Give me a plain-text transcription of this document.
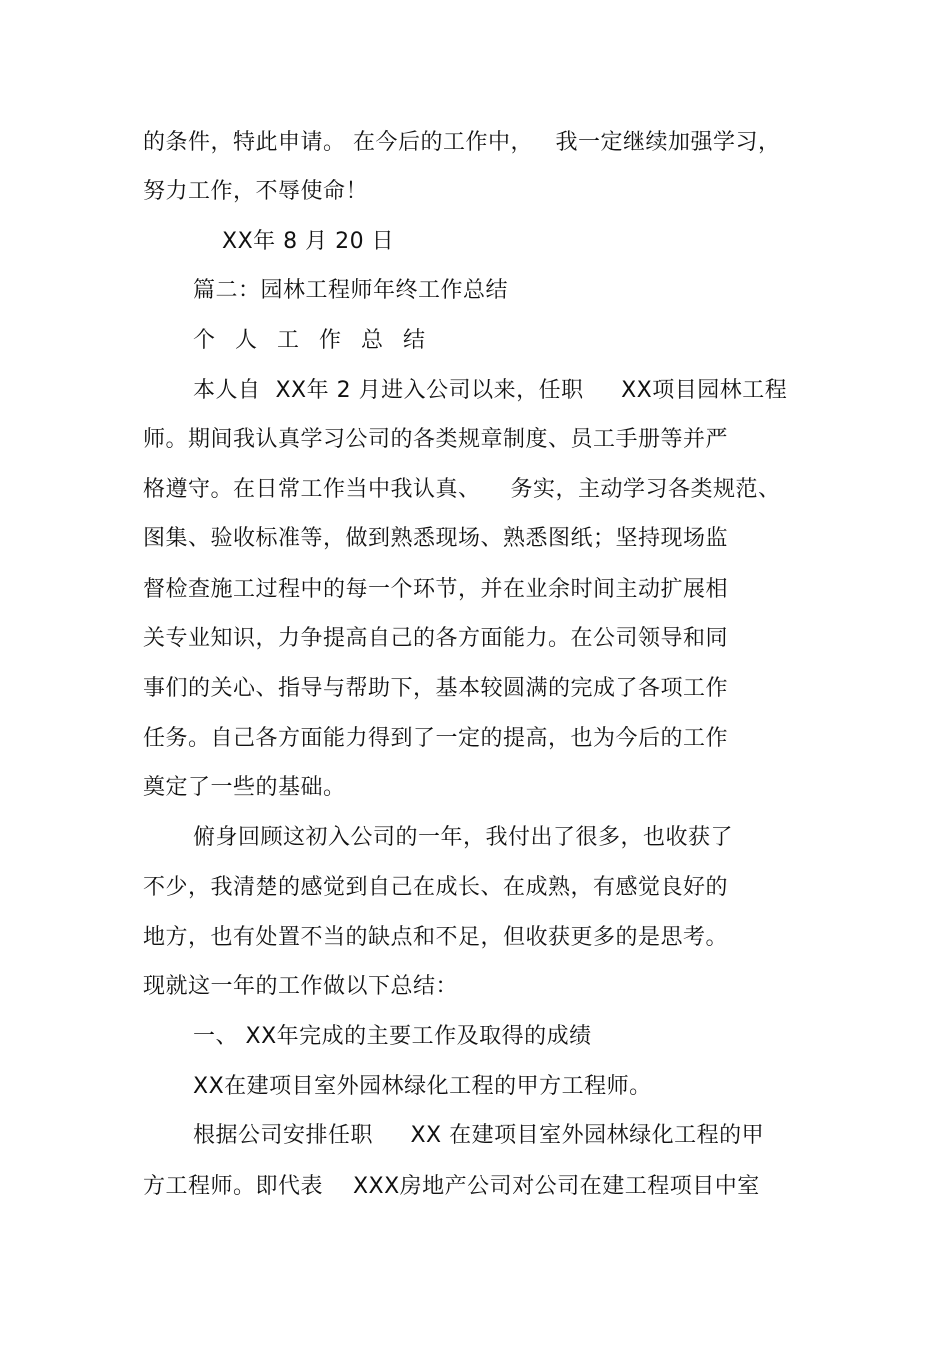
的条件，特此申请。 在今后的工作中，   我一定继续加强学习，
努力工作，不辱使命！
XX年 8 月 20 日
篇二：园林工程师年终工作总结
个人工作总结
本人自  XX年 2 月进入公司以来，任职     XX项目园林工程
师。期间我认真学习公司的各类规章制度、员工手册等并严
格遵守。在日常工作当中我认真、    务实，主动学习各类规范、
图集、验收标准等，做到熟悉现场、熟悉图纸；坚持现场监
督检查施工过程中的每一个环节，并在业余时间主动扩展相
关专业知识，力争提高自己的各方面能力。在公司领导和同
事们的关心、指导与帮助下，基本较圆满的完成了各项工作
任务。自己各方面能力得到了一定的提高，也为今后的工作
奠定了一些的基础。
俯身回顾这初入公司的一年，我付出了很多，也收获了
不少，我清楚的感觉到自己在成长、在成熟，有感觉良好的
地方，也有处置不当的缺点和不足，但收获更多的是思考。
现就这一年的工作做以下总结：
一、 XX年完成的主要工作及取得的成绩
XX在建项目室外园林绿化工程的甲方工程师。
根据公司安排任职     XX 在建项目室外园林绿化工程的甲
方工程师。即代表    XXX房地产公司对公司在建工程项目中室
